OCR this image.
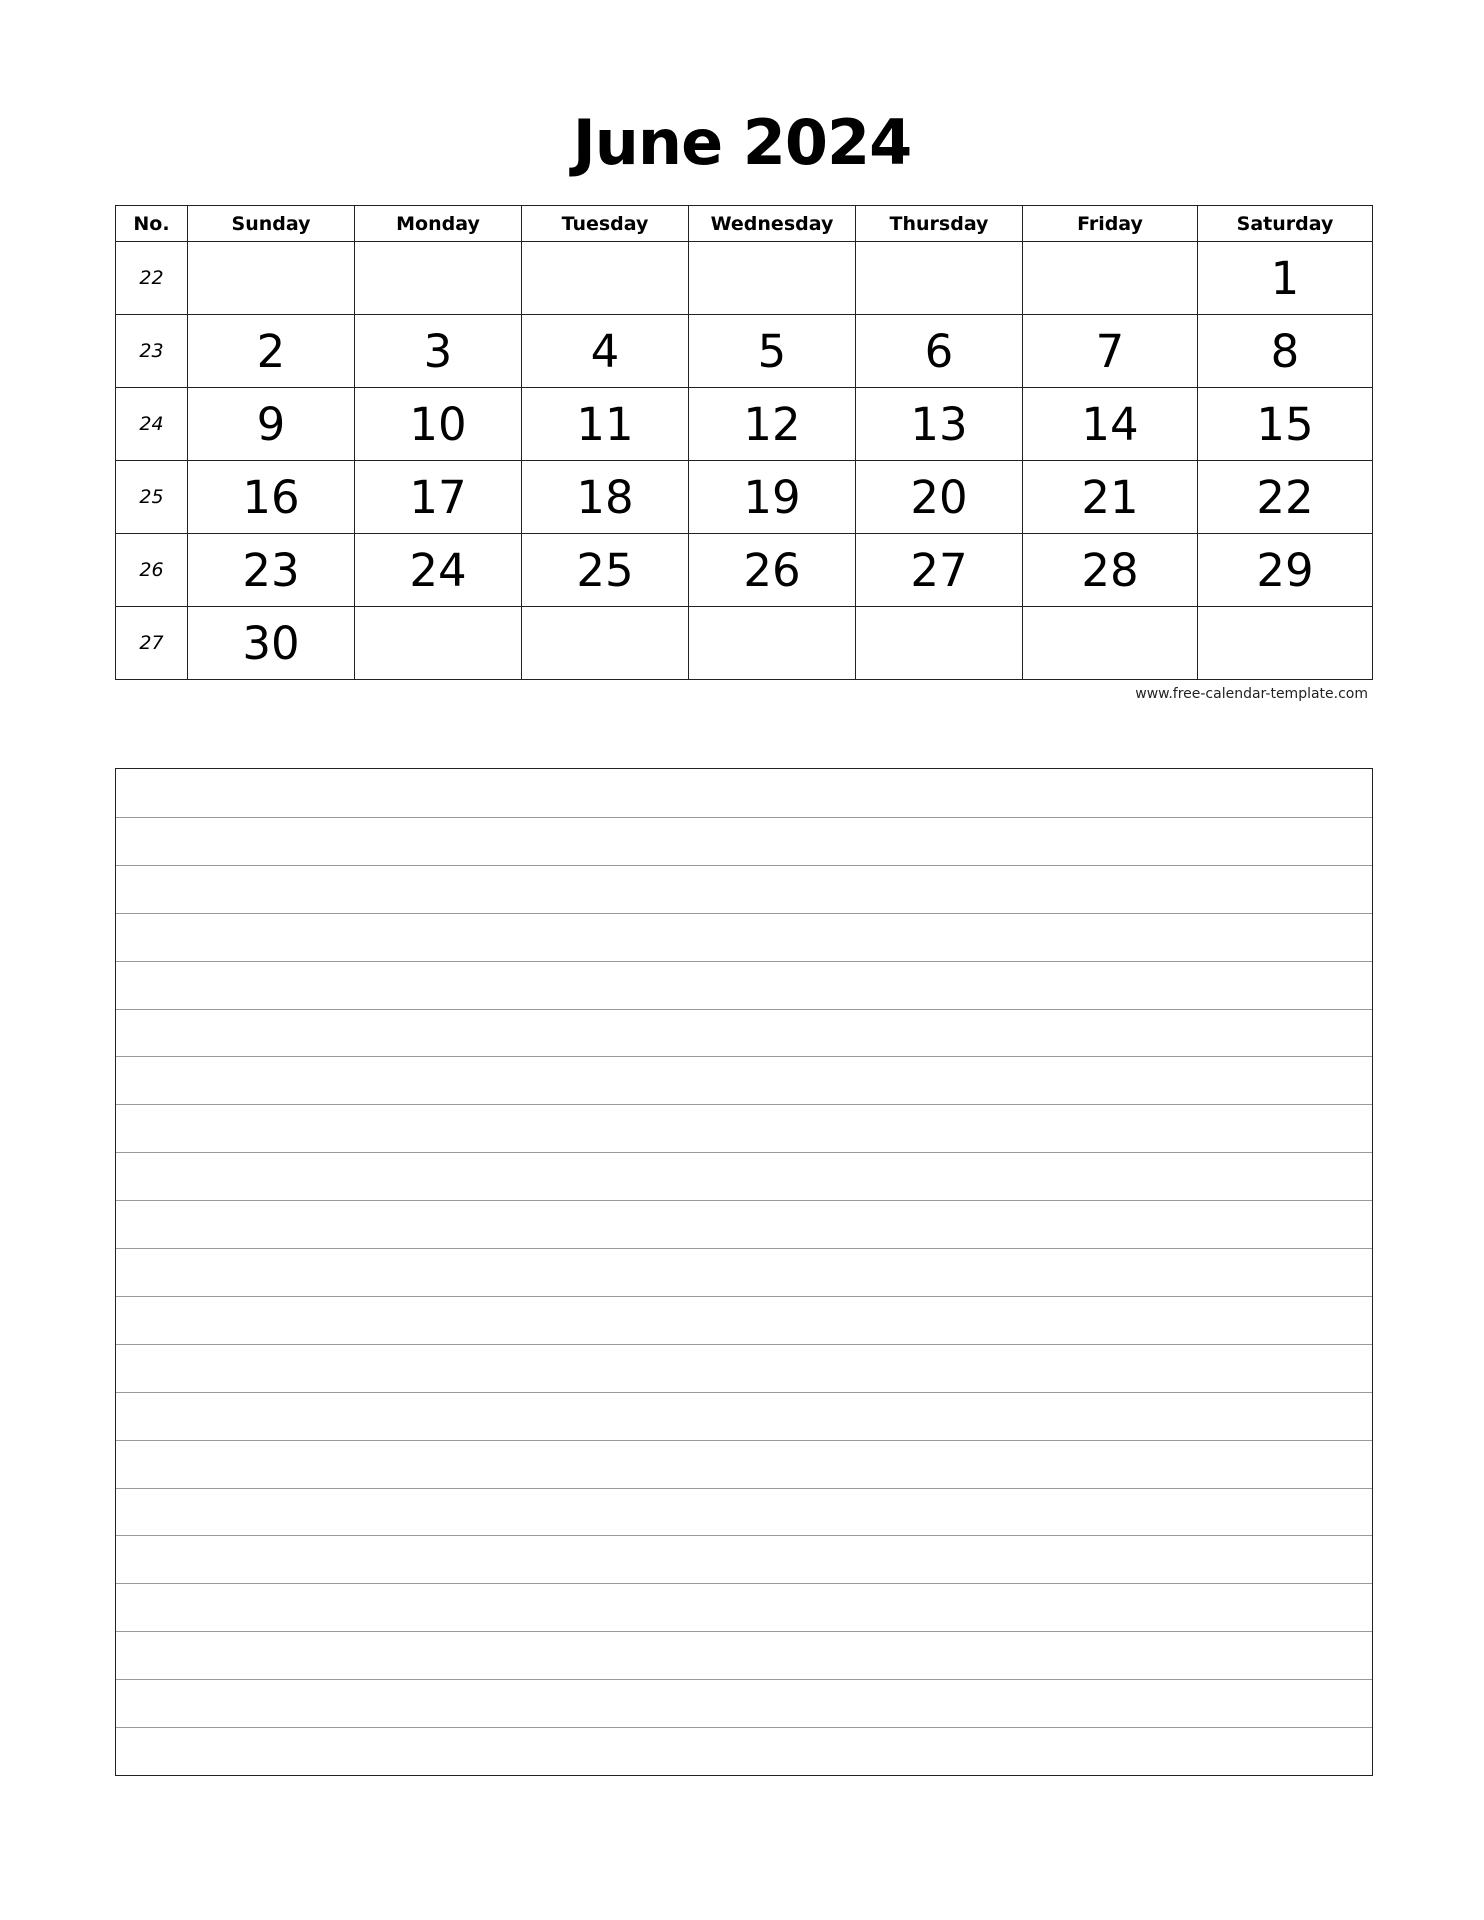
June 2024
No.	Sunday	Monday	Tuesday	Wednesday	Thursday	Friday	Saturday
22							1
23	2	3	4	5	6	7	8
24	9	10	11	12	13	14	15
25	16	17	18	19	20	21	22
26	23	24	25	26	27	28	29
27	30						
www.free-calendar-template.com
